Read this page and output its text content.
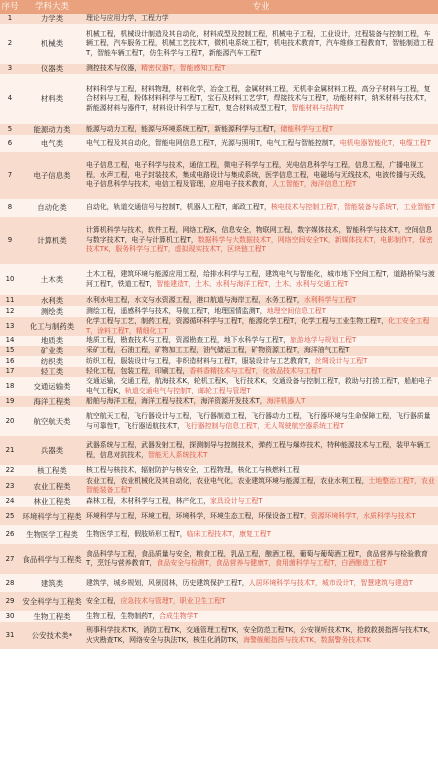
序号	学科大类	专业
1	力学类	理论与应用力学，工程力学
2	机械类	机械工程，机械设计制造及其自动化，材料成型及控制工程，机械电子工程，工业设计，过程装备与控制工程，车辆工程，汽车服务工程，机械工艺技术T，微机电系统工程T，机电技术教育T，汽车维修工程教育T，智能制造工程T，智能车辆工程T，仿生科学与工程T，新能源汽车工程T
3	仪器类	测控技术与仪器，精密仪器T，智能感知工程T
4	材料类	材料科学与工程，材料物理，材料化学，冶金工程，金属材料工程，无机非金属材料工程，高分子材料与工程，复合材料与工程，粉体材料科学与工程T，宝石及材料工艺学T，焊接技术与工程T，功能材料T，纳米材料与技术T，新能源材料与器件T，材料设计科学与工程T，复合材料成型工程T，智能材料与结构T
5	能源动力类	能源与动力工程，能源与环境系统工程T，新能源科学与工程T，储能科学与工程T
6	电气类	电气工程及其自动化，智能电网信息工程T，光源与照明T，电气工程与智能控制T，电机电器智能化T，电缆工程T
7	电子信息类	电子信息工程，电子科学与技术，通信工程，微电子科学与工程，光电信息科学与工程，信息工程，广播电视工程，水声工程，电子封装技术，集成电路设计与集成系统，医学信息工程，电磁场与无线技术，电波传播与天线，电子信息科学与技术，电信工程及管理，应用电子技术教育，人工智能T，海洋信息工程T
8	自动化类	自动化，轨道交通信号与控制T，机器人工程T，邮政工程T，核电技术与控制工程T，智能装备与系统T，工业智能T
9	计算机类	计算机科学与技术，软件工程，网络工程K，信息安全，物联网工程，数字媒体技术，智能科学与技术T，空间信息与数字技术T，电子与计算机工程T，数据科学与大数据技术T，网络空间安全TK，新媒体技术T，电影制作T，保密技术TK，服务科学与工程T，虚拟现实技术T，区块链工程T
10	土木类	土木工程，建筑环境与能源应用工程，给排水科学与工程，建筑电气与智能化，城市地下空间工程T，道路桥梁与渡河工程T，铁道工程T，智能建造T，土木、水利与海洋工程T，土木、水利与交通工程T
11	水利类	水利水电工程，水文与水资源工程，港口航道与海岸工程，水务工程T，水利科学与工程T
12	测绘类	测绘工程，遥感科学与技术，导航工程T，地理国情监测T，地理空间信息工程T
13	化工与制药类	化学工程与工艺，制药工程，资源循环科学与工程T，能源化学工程T，化学工程与工业生物工程T，化工安全工程T，涂料工程T，精细化工T
14	地质类	地质工程，勘查技术与工程，资源勘查工程，地下水科学与工程T，旅游地学与规划工程T
15	矿业类	采矿工程，石油工程，矿物加工工程，油气储运工程，矿物资源工程T，海洋油气工程T
16	纺织类	纺织工程，服装设计与工程，非织造材料与工程T，服装设计与工艺教育T，丝绸设计与工程T
17	轻工类	轻化工程，包装工程，印刷工程，香料香精技术与工程T，化妆品技术与工程T
18	交通运输类	交通运输，交通工程，航海技术K，轮机工程K，飞行技术K，交通设备与控制工程T，救助与打捞工程T，船舶电子电气工程K，轨道交通电气与控制T，邮轮工程与管理T
19	海洋工程类	船舶与海洋工程，海洋工程与技术T，海洋资源开发技术T，海洋机器人T
20	航空航天类	航空航天工程，飞行器设计与工程，飞行器制造工程，飞行器动力工程，飞行器环境与生命保障工程，飞行器质量与可靠性T，飞行器适航技术T，飞行器控制与信息工程T，无人驾驶航空器系统工程T
21	兵器类	武器系统与工程，武器发射工程，探测制导与控制技术，弹药工程与爆炸技术，特种能源技术与工程，装甲车辆工程，信息对抗技术，智能无人系统技术T
22	核工程类	核工程与核技术，辐射防护与核安全，工程物理，核化工与核燃料工程
23	农业工程类	农业工程，农业机械化及其自动化，农业电气化，农业建筑环境与能源工程，农业水利工程，土地整治工程T，农业智能装备工程T
24	林业工程类	森林工程，木材科学与工程，林产化工，家具设计与工程T
25	环境科学与工程类	环境科学与工程，环境工程，环境科学，环境生态工程，环保设备工程T，资源环境科学T，水质科学与技术T
26	生物医学工程类	生物医学工程，假肢矫形工程T，临床工程技术T，康复工程T
27	食品科学与工程类	食品科学与工程，食品质量与安全，粮食工程，乳品工程，酿酒工程，葡萄与葡萄酒工程T，食品营养与检验教育T，烹饪与营养教育T，食品安全与检测T，食品营养与健康T，食用菌科学与工程T，白酒酿造工程T
28	建筑类	建筑学，城乡规划，风景园林，历史建筑保护工程T，人居环境科学与技术T，城市设计T，智慧建筑与建造T
29	安全科学与工程类	安全工程，应急技术与管理T，职业卫生工程T
30	生物工程类	生物工程，生物制药T，合成生物学T
31	公安技术类*	刑事科学技术TK，消防工程TK，交通管理工程TK，安全防范工程TK，公安视听技术TK，抢救救援指挥与技术TK，火灾勘查TK，网络安全与执法TK，核生化消防TK，海警舰艇指挥与技术TK，数据警务技术TK
